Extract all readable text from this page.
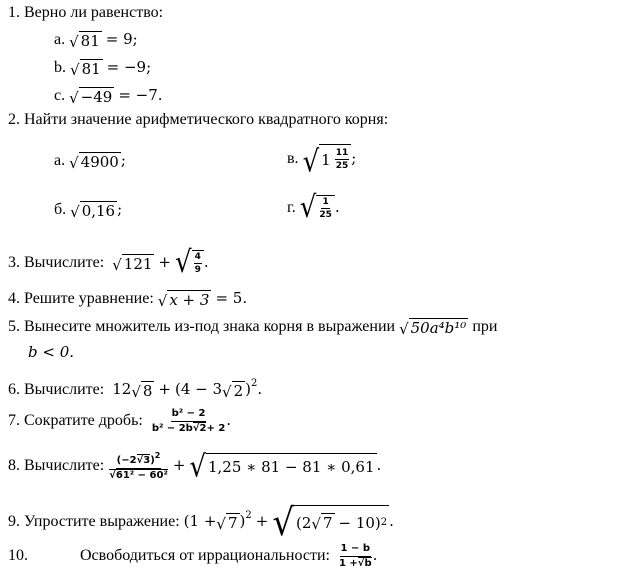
1. Верно ли равенство:
a. √ 81 = 9;
b. √ 81 = −9;
c. √ −49 = −7.
2. Найти значение арифметического квадратного корня:
а. √ 4900 ;	в. √ 1
$\frac{11}{25}$ ;
б. √ 0,16 ;	г. √ $\frac{1}{25}$ .
3. Вычислите: √ 121 + √ $\frac{4}{9}$ .
4. Решите уравнение: √ x + 3 = 5.
5. Вынесите множитель из-под знака корня в выражении √ 50a⁴b¹⁰ при
b < 0.
6. Вычислите: 12 √ 8 + (4 − 3 √ 2 )$^2$.
7. Сократите дробь: $\frac{\text{b² − 2}}{\text{b² − 2b√2+ 2}}$ .
8. Вычислите: $\frac{(-2√3)^2}{\text{√61² − 60²}}$ + √ 1,25 ∗ 81 − 81 ∗ 0,61 .
9. Упростите выражение: (1 + √ 7 )$^2$ + √ (2 √ 7
− 10) 2 .
10.	Освободиться от иррациональности: $\frac{1 - b}{1 +√b}$ .
